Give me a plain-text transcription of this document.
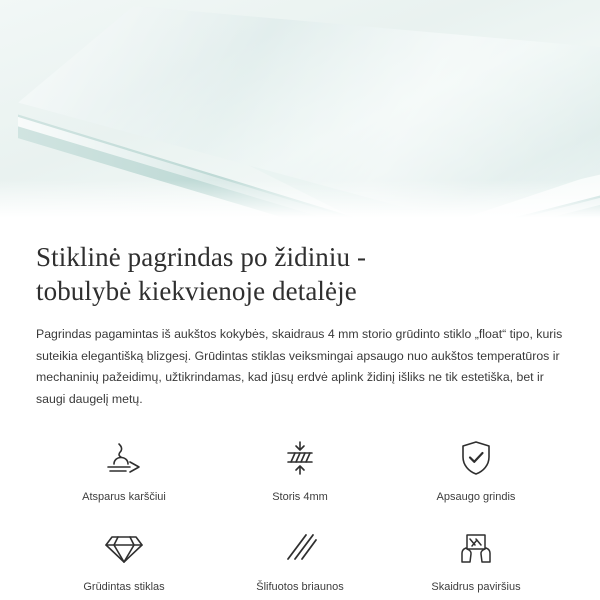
Stiklinė pagrindas po židiniu -
tobulybė kiekvienoje detalėje

Pagrindas pagamintas iš aukštos kokybės, skaidraus 4 mm storio grūdinto stiklo „float“ tipo, kuris suteikia elegantišką blizgesį. Grūdintas stiklas veiksmingai apsaugo nuo aukštos temperatūros ir mechaninių pažeidimų, užtikrindamas, kad jūsų erdvė aplink židinį išliks ne tik estetiška, bet ir saugi daugelį metų.

Atsparus karščiui	Storis 4mm	Apsaugo grindis
Grūdintas stiklas	Šlifuotos briaunos	Skaidrus paviršius
